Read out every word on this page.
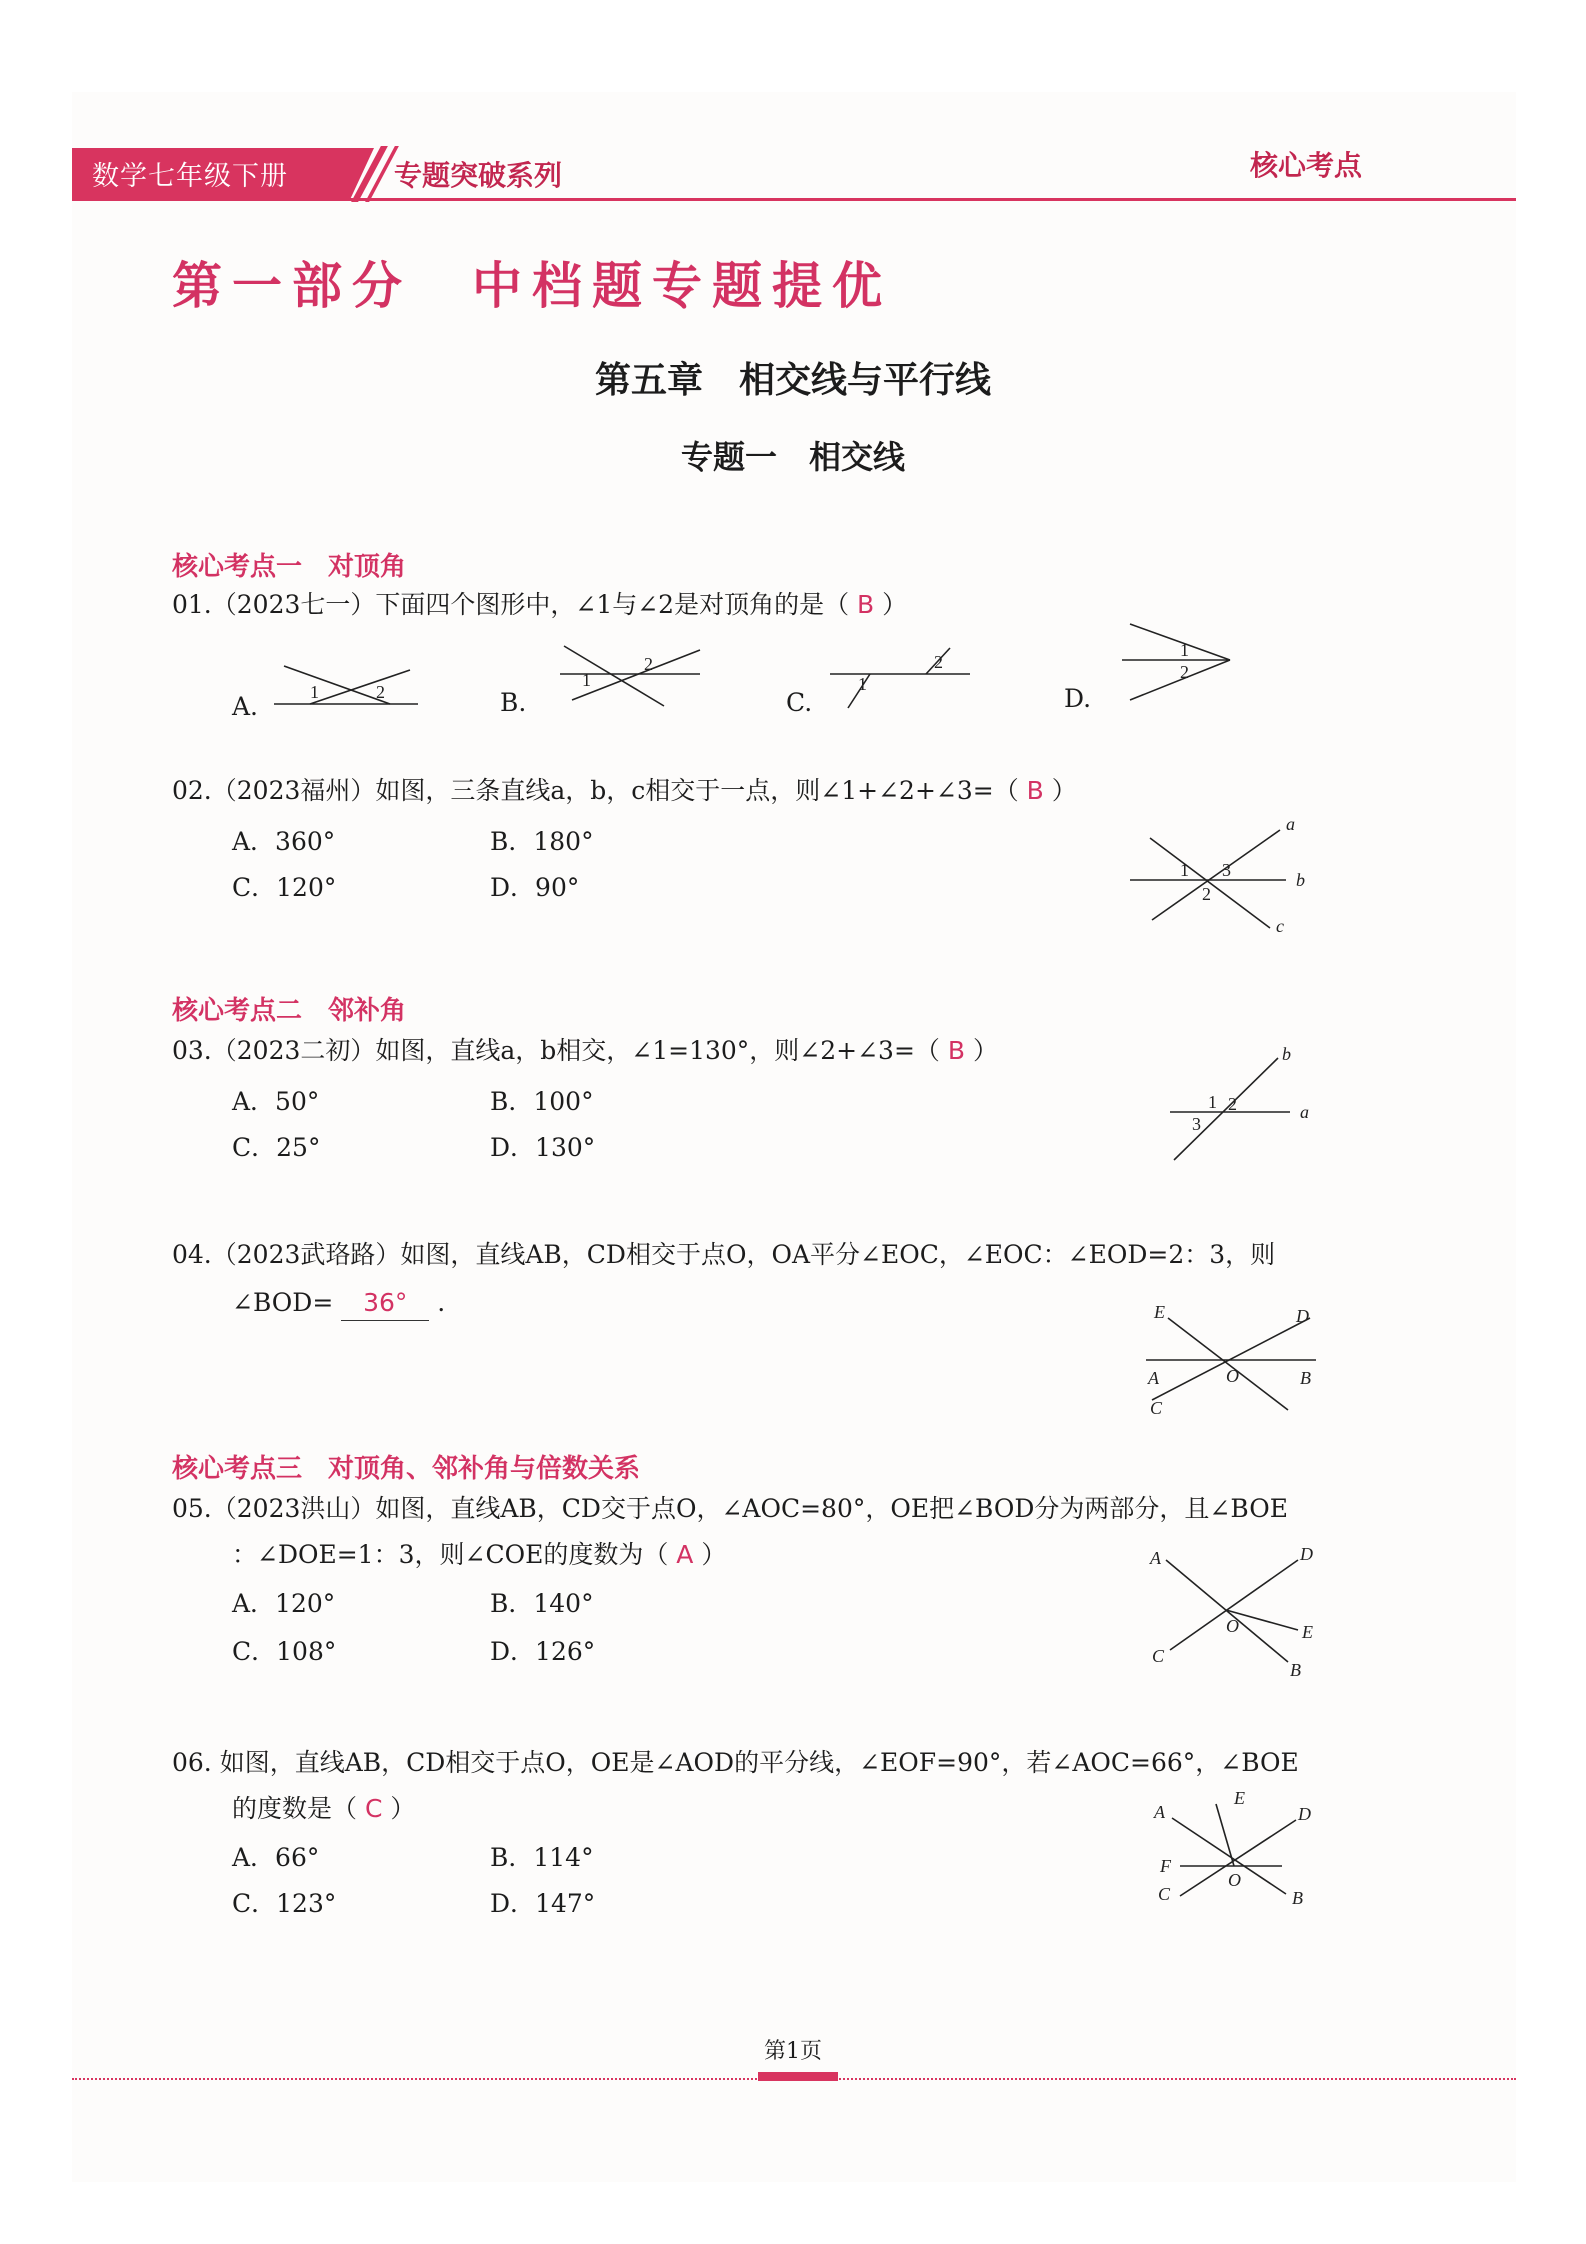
数学七年级下册	专题突破系列	核心考点
第一部分　中档题专题提优
第五章　相交线与平行线
专题一　相交线
核心考点一　对顶角
01.（2023七一）下面四个图形中，∠1与∠2是对顶角的是（ B ）
A.	B.	C.	D.
1	2
1
2
1
2
1
2
02.（2023福州）如图，三条直线a，b，c相交于一点，则∠1+∠2+∠3=（ B ）
A．360°	B．180°
C．120°	D．90°
a
b
c
1
2
3
核心考点二　邻补角
03.（2023二初）如图，直线a，b相交，∠1=130°，则∠2+∠3=（ B ）
A．50°	B．100°
C．25°	D．130°
b
a
1 2
3
04.（2023武珞路）如图，直线AB，CD相交于点O，OA平分∠EOC，∠EOC：∠EOD=2：3，则
∠BOD= 36° .	E	D
A	O	B
C
核心考点三　对顶角、邻补角与倍数关系
05.（2023洪山）如图，直线AB，CD交于点O，∠AOC=80°，OE把∠BOD分为两部分，且∠BOE
：∠DOE=1：3，则∠COE的度数为（ A ）
A．120°	B．140°
C．108°	D．126°
A	D
O	E
C
B
06. 如图，直线AB，CD相交于点O，OE是∠AOD的平分线，∠EOF=90°，若∠AOC=66°，∠BOE
的度数是（ C ）
A．66°	B．114°
C．123°	D．147°
A
E
D
F
O
C	B
第1页
